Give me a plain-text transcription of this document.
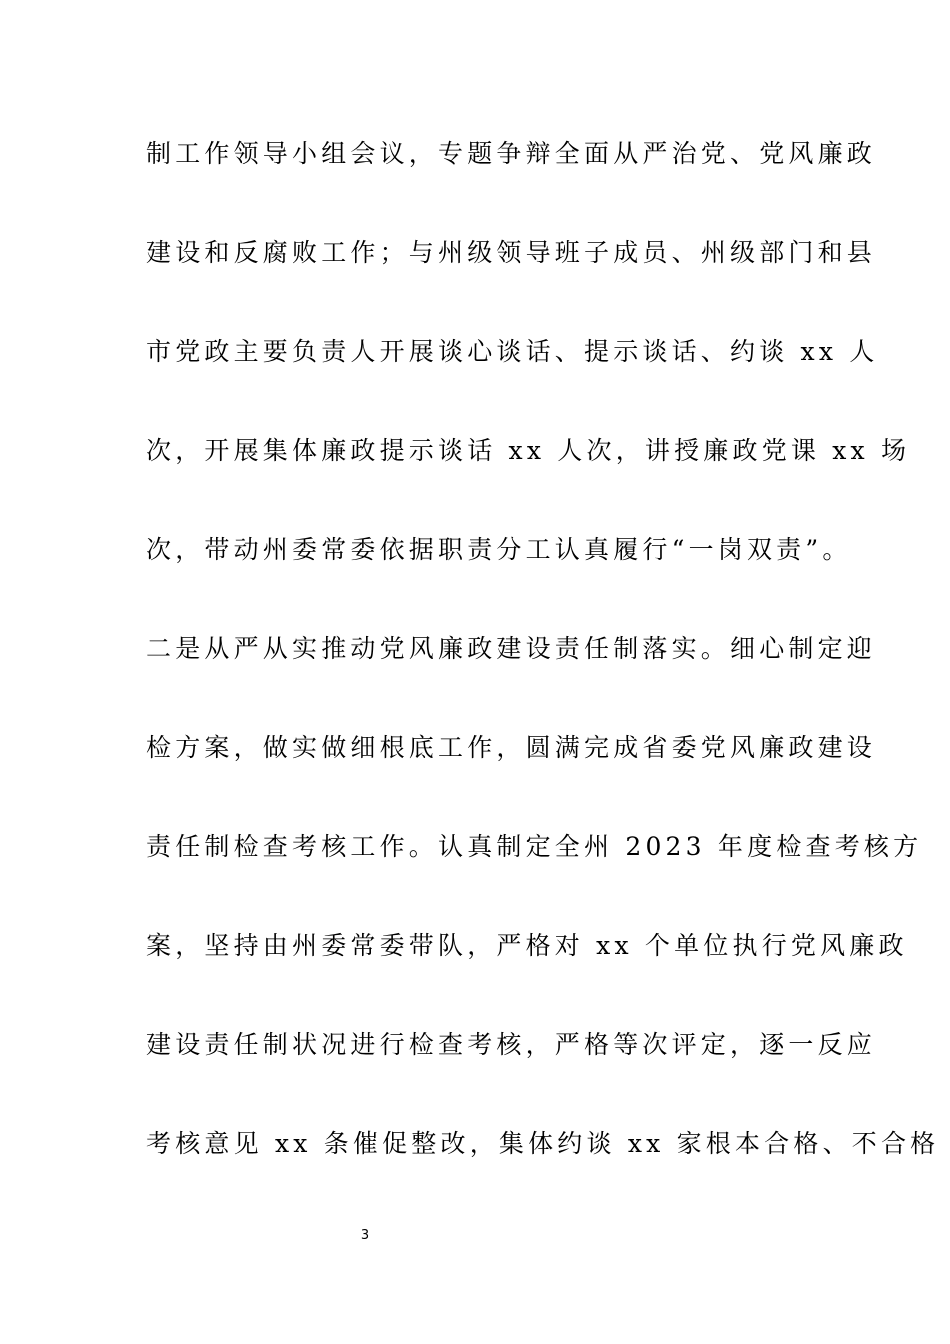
制工作领导小组会议，专题争辩全面从严治党、党风廉政
建设和反腐败工作；与州级领导班子成员、州级部门和县
市党政主要负责人开展谈心谈话、提示谈话、约谈 xx 人
次，开展集体廉政提示谈话 xx 人次，讲授廉政党课 xx 场
次，带动州委常委依据职责分工认真履行“一岗双责”。
二是从严从实推动党风廉政建设责任制落实。细心制定迎
检方案，做实做细根底工作，圆满完成省委党风廉政建设
责任制检查考核工作。认真制定全州 2023 年度检查考核方
案，坚持由州委常委带队，严格对 xx 个单位执行党风廉政
建设责任制状况进行检查考核，严格等次评定，逐一反应
考核意见 xx 条催促整改，集体约谈 xx 家根本合格、不合格
3
